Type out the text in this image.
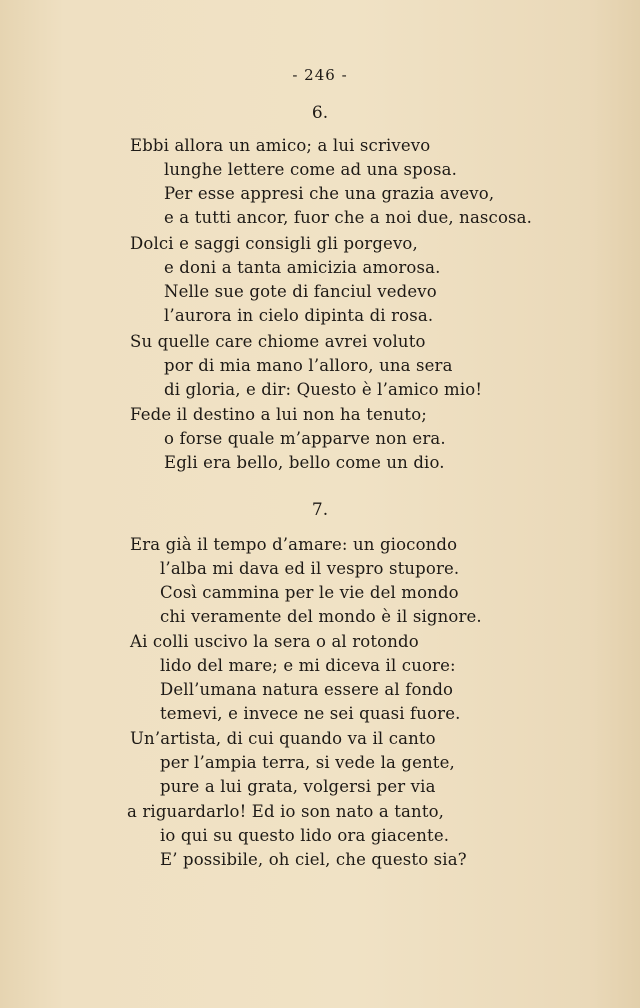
- 246 -
6.
Ebbi allora un amico; a lui scrivevo
lunghe lettere come ad una sposa.
Per esse appresi che una grazia avevo,
e a tutti ancor, fuor che a noi due, nascosa.
Dolci e saggi consigli gli porgevo,
e doni a tanta amicizia amorosa.
Nelle sue gote di fanciul vedevo
l’aurora in cielo dipinta di rosa.
Su quelle care chiome avrei voluto
por di mia mano l’alloro, una sera
di gloria, e dir: Questo è l’amico mio!
Fede il destino a lui non ha tenuto;
o forse quale m’apparve non era.
Egli era bello, bello come un dio.
7.
Era già il tempo d’amare: un giocondo
l’alba mi dava ed il vespro stupore.
Così cammina per le vie del mondo
chi veramente del mondo è il signore.
Ai colli uscivo la sera o al rotondo
lido del mare; e mi diceva il cuore:
Dell’umana natura essere al fondo
temevi, e invece ne sei quasi fuore.
Un’artista, di cui quando va il canto
per l’ampia terra, si vede la gente,
pure a lui grata, volgersi per via
a riguardarlo! Ed io son nato a tanto,
io qui su questo lido ora giacente.
E’ possibile, oh ciel, che questo sia?
